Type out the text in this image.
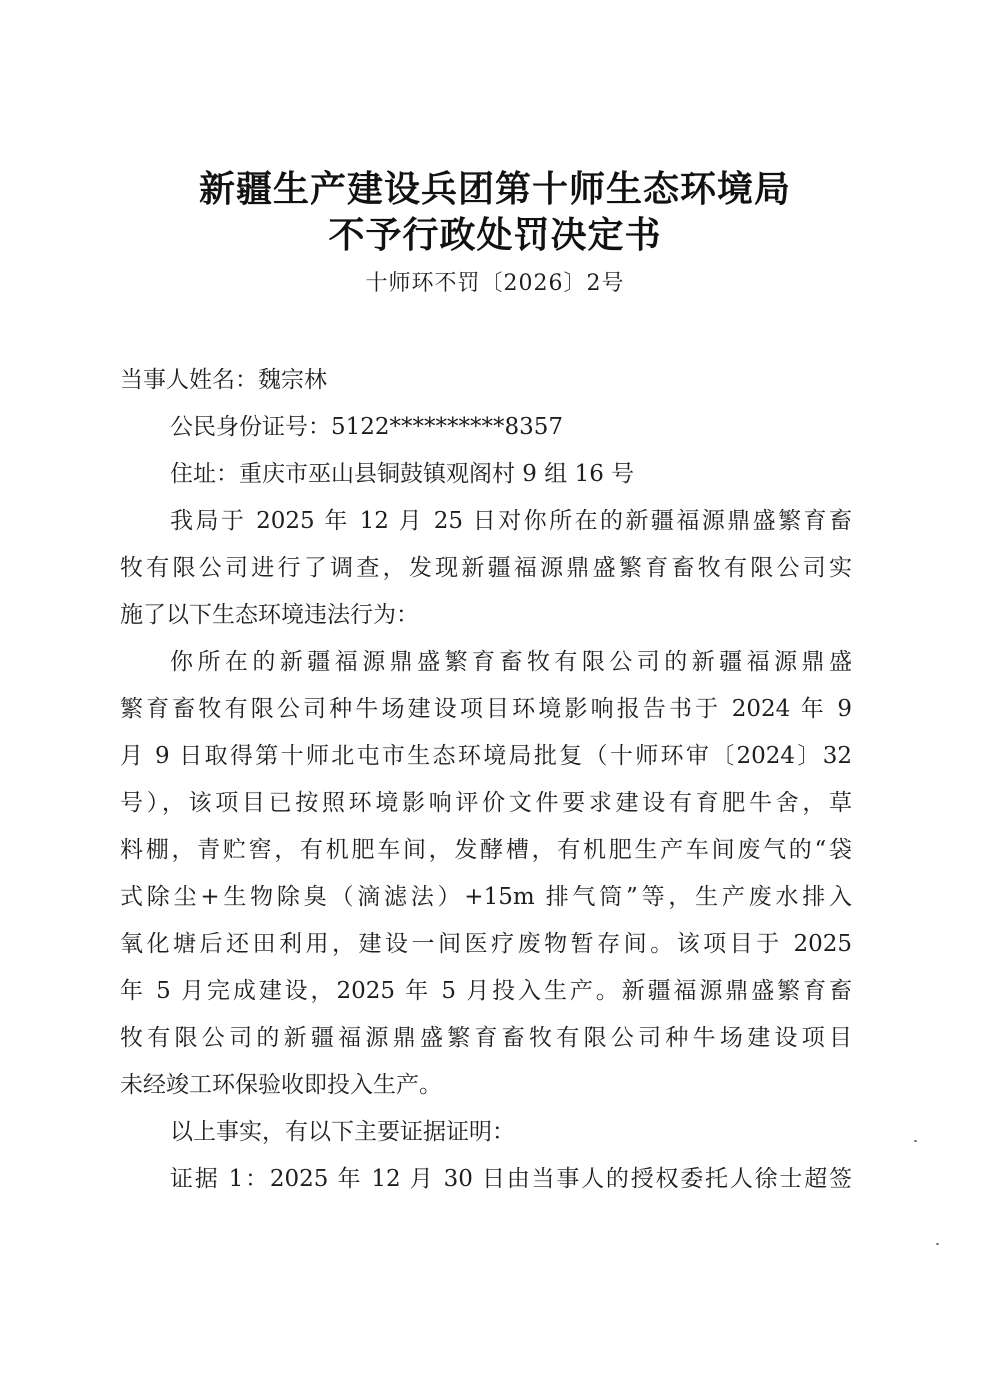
新疆生产建设兵团第十师生态环境局
不予行政处罚决定书
十师环不罚〔2026〕2号
当事人姓名：魏宗林
公民身份证号：5122**********8357
住址：重庆市巫山县铜鼓镇观阁村 9 组 16 号
我局于 2025 年 12 月 25 日对你所在的新疆福源鼎盛繁育畜
牧有限公司进行了调查，发现新疆福源鼎盛繁育畜牧有限公司实
施了以下生态环境违法行为：
你所在的新疆福源鼎盛繁育畜牧有限公司的新疆福源鼎盛
繁育畜牧有限公司种牛场建设项目环境影响报告书于 2024 年 9
月 9 日取得第十师北屯市生态环境局批复（十师环审〔2024〕32
号），该项目已按照环境影响评价文件要求建设有育肥牛舍，草
料棚，青贮窖，有机肥车间，发酵槽，有机肥生产车间废气的“袋
式除尘+生物除臭（滴滤法）+15m 排气筒”等，生产废水排入
氧化塘后还田利用，建设一间医疗废物暂存间。该项目于 2025
年 5 月完成建设，2025 年 5 月投入生产。新疆福源鼎盛繁育畜
牧有限公司的新疆福源鼎盛繁育畜牧有限公司种牛场建设项目
未经竣工环保验收即投入生产。
以上事实，有以下主要证据证明：
证据 1：2025 年 12 月 30 日由当事人的授权委托人徐士超签
